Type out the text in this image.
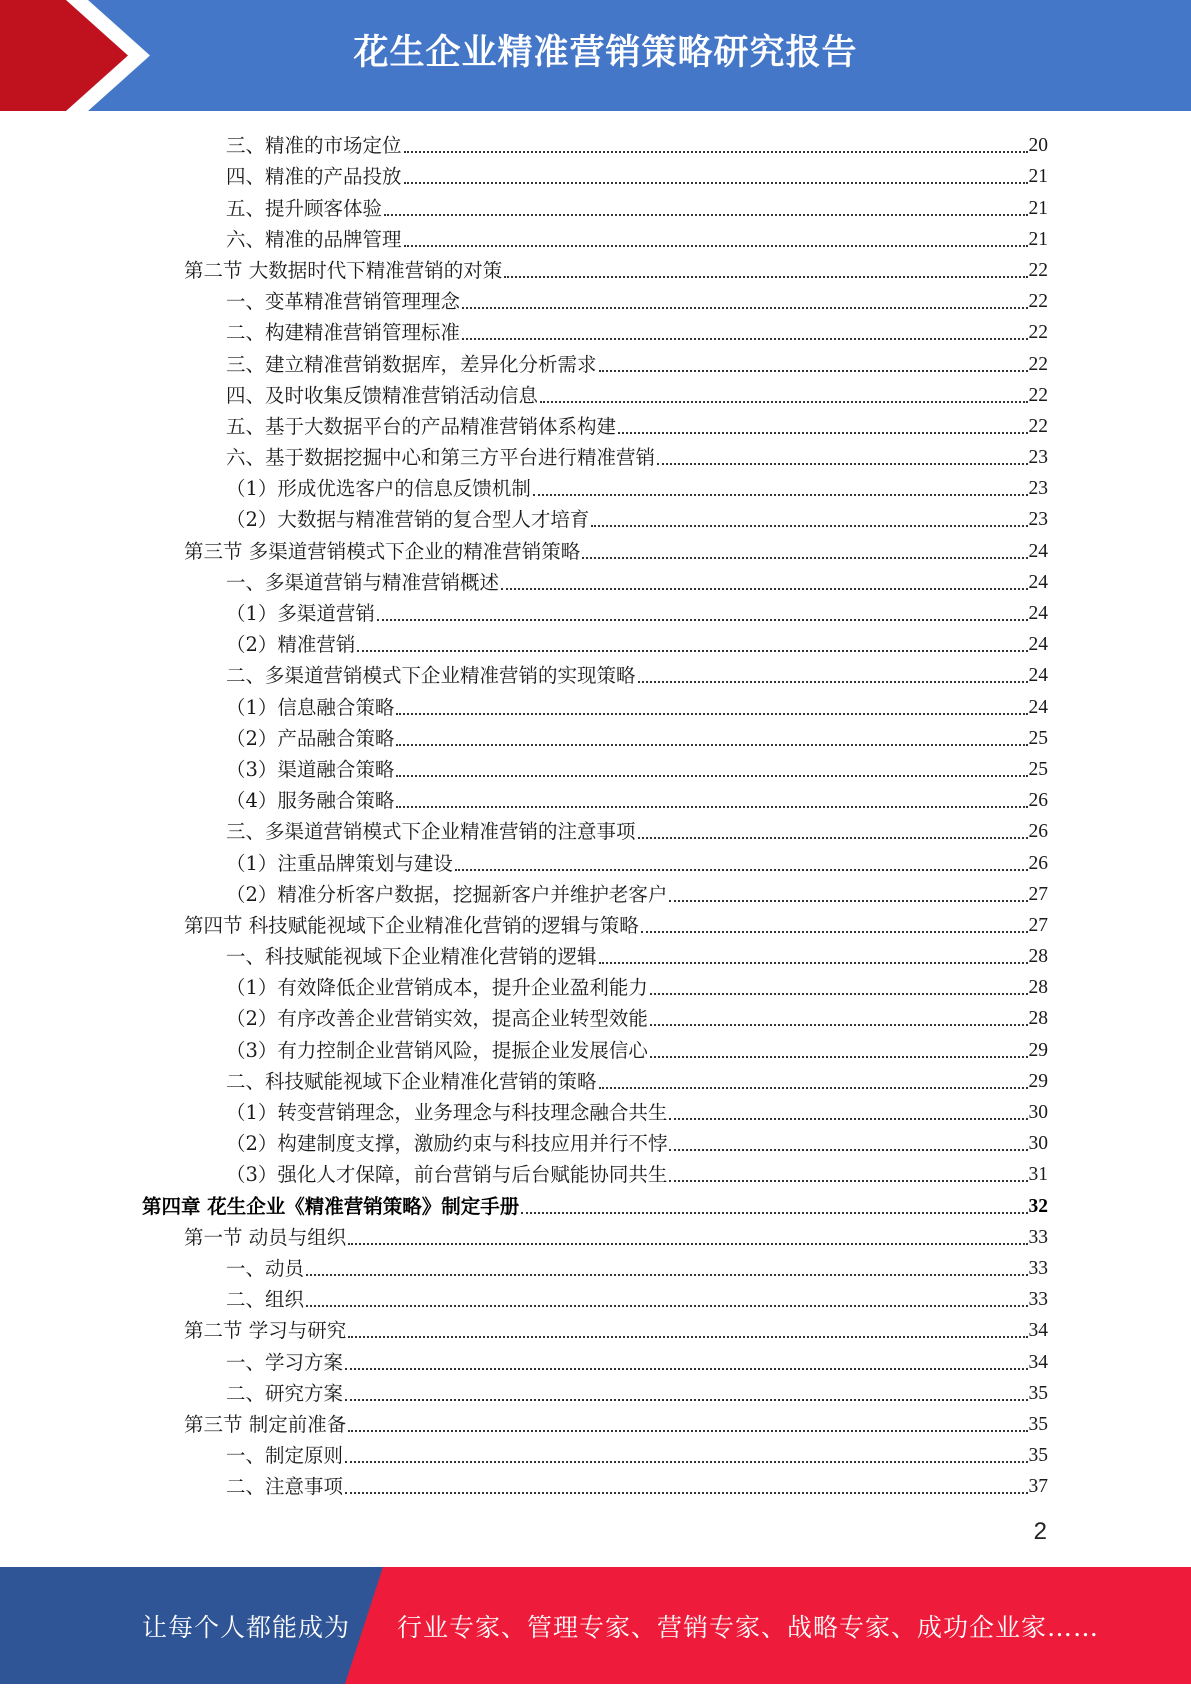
花生企业精准营销策略研究报告
三、精准的市场定位	20
四、精准的产品投放	21
五、提升顾客体验	21
六、精准的品牌管理	21
第二节 大数据时代下精准营销的对策	22
一、变革精准营销管理理念	22
二、构建精准营销管理标准	22
三、建立精准营销数据库，差异化分析需求	22
四、及时收集反馈精准营销活动信息	22
五、基于大数据平台的产品精准营销体系构建	22
六、基于数据挖掘中心和第三方平台进行精准营销	23
（1）形成优选客户的信息反馈机制	23
（2）大数据与精准营销的复合型人才培育	23
第三节 多渠道营销模式下企业的精准营销策略	24
一、多渠道营销与精准营销概述	24
（1）多渠道营销	24
（2）精准营销	24
二、多渠道营销模式下企业精准营销的实现策略	24
（1）信息融合策略	24
（2）产品融合策略	25
（3）渠道融合策略	25
（4）服务融合策略	26
三、多渠道营销模式下企业精准营销的注意事项	26
（1）注重品牌策划与建设	26
（2）精准分析客户数据，挖掘新客户并维护老客户	27
第四节 科技赋能视域下企业精准化营销的逻辑与策略	27
一、科技赋能视域下企业精准化营销的逻辑	28
（1）有效降低企业营销成本，提升企业盈利能力	28
（2）有序改善企业营销实效，提高企业转型效能	28
（3）有力控制企业营销风险，提振企业发展信心	29
二、科技赋能视域下企业精准化营销的策略	29
（1）转变营销理念，业务理念与科技理念融合共生	30
（2）构建制度支撑，激励约束与科技应用并行不悖	30
（3）强化人才保障，前台营销与后台赋能协同共生	31
第四章 花生企业《精准营销策略》制定手册	32
第一节 动员与组织	33
一、动员	33
二、组织	33
第二节 学习与研究	34
一、学习方案	34
二、研究方案	35
第三节 制定前准备	35
一、制定原则	35
二、注意事项	37
2
让每个人都能成为 行业专家、管理专家、营销专家、战略专家、成功企业家……
